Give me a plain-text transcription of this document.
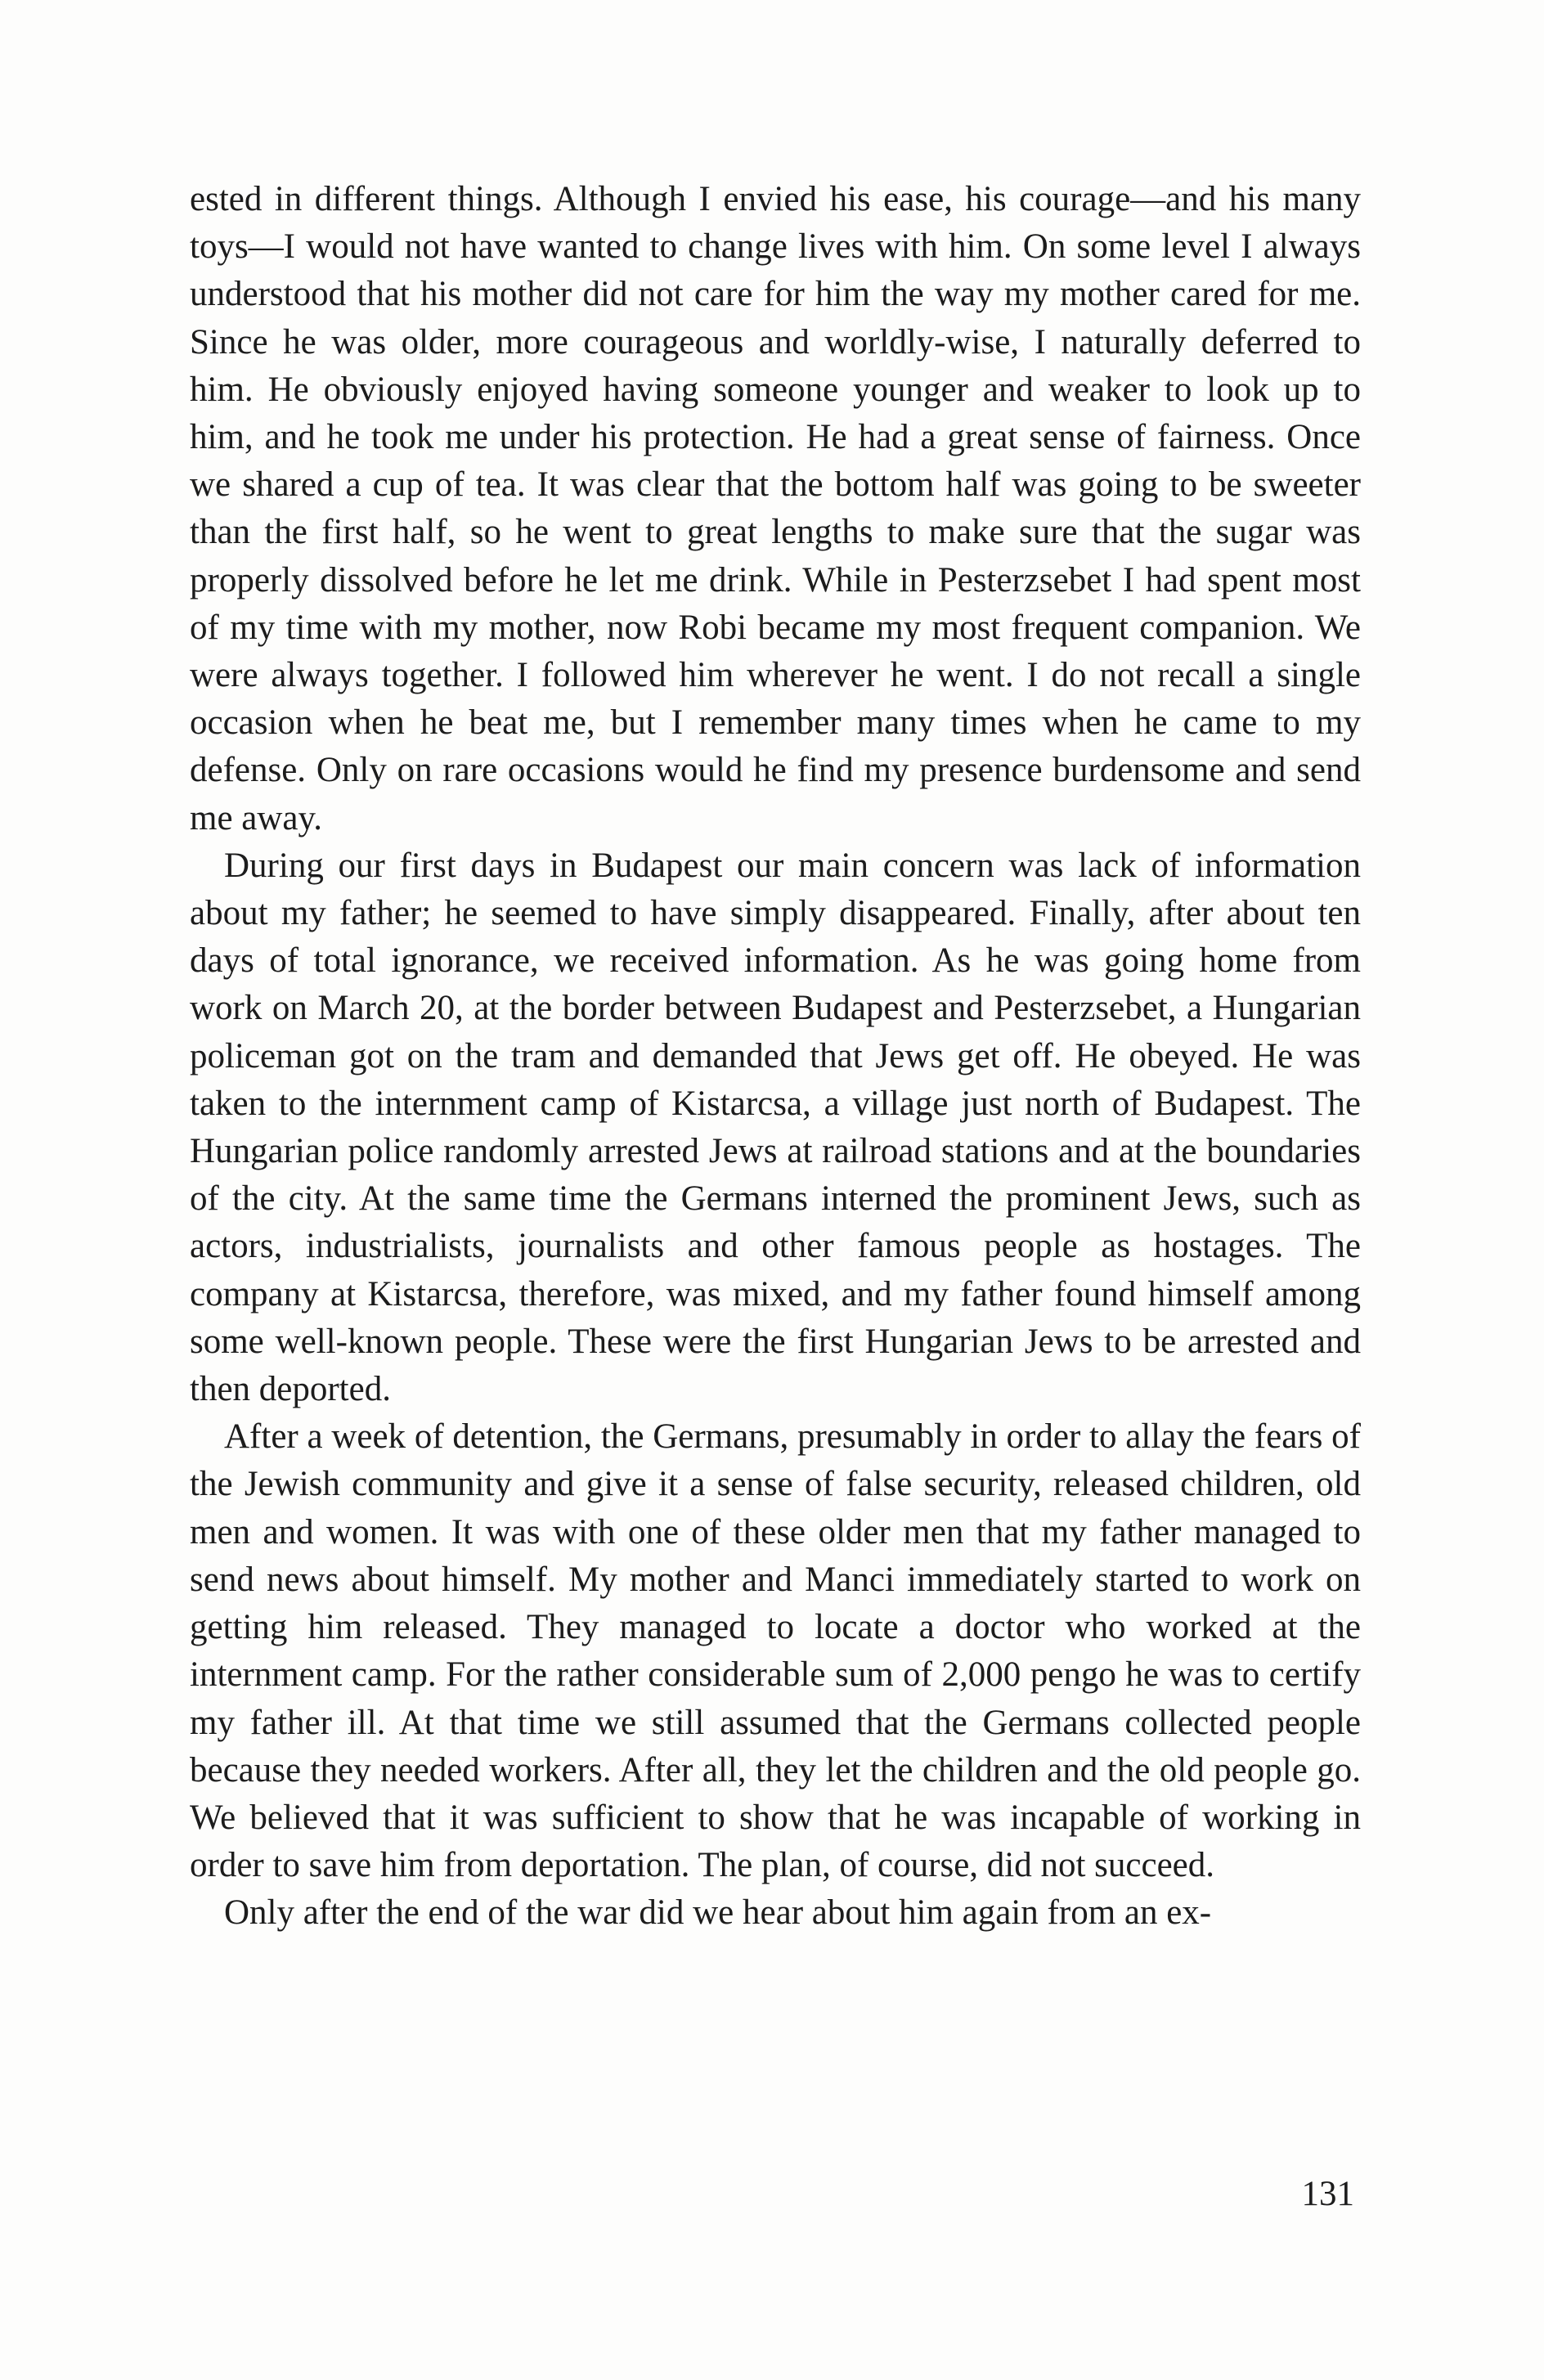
ested in different things. Although I envied his ease, his courage—and his many toys—I would not have wanted to change lives with him. On some level I always understood that his mother did not care for him the way my mother cared for me. Since he was older, more courageous and worldly-wise, I naturally deferred to him. He obviously enjoyed having someone younger and weaker to look up to him, and he took me under his protection. He had a great sense of fairness. Once we shared a cup of tea. It was clear that the bottom half was going to be sweeter than the first half, so he went to great lengths to make sure that the sugar was properly dissolved before he let me drink. While in Pesterzsebet I had spent most of my time with my mother, now Robi became my most frequent companion. We were always together. I followed him wherever he went. I do not recall a single occasion when he beat me, but I remember many times when he came to my defense. Only on rare occasions would he find my presence burdensome and send me away.

During our first days in Budapest our main concern was lack of information about my father; he seemed to have simply disappeared. Finally, after about ten days of total ignorance, we received information. As he was going home from work on March 20, at the border between Budapest and Pesterzsebet, a Hungarian policeman got on the tram and demanded that Jews get off. He obeyed. He was taken to the internment camp of Kistarcsa, a village just north of Budapest. The Hungarian police randomly arrested Jews at railroad stations and at the boundaries of the city. At the same time the Germans interned the prominent Jews, such as actors, industrialists, journalists and other famous people as hostages. The company at Kistarcsa, therefore, was mixed, and my father found himself among some well-known people. These were the first Hungarian Jews to be arrested and then deported.

After a week of detention, the Germans, presumably in order to allay the fears of the Jewish community and give it a sense of false security, released children, old men and women. It was with one of these older men that my father managed to send news about himself. My mother and Manci immediately started to work on getting him released. They managed to locate a doctor who worked at the internment camp. For the rather considerable sum of 2,000 pengo he was to certify my father ill. At that time we still assumed that the Germans collected people because they needed workers. After all, they let the children and the old people go. We believed that it was sufficient to show that he was incapable of working in order to save him from deportation. The plan, of course, did not succeed.

Only after the end of the war did we hear about him again from an ex-

131
